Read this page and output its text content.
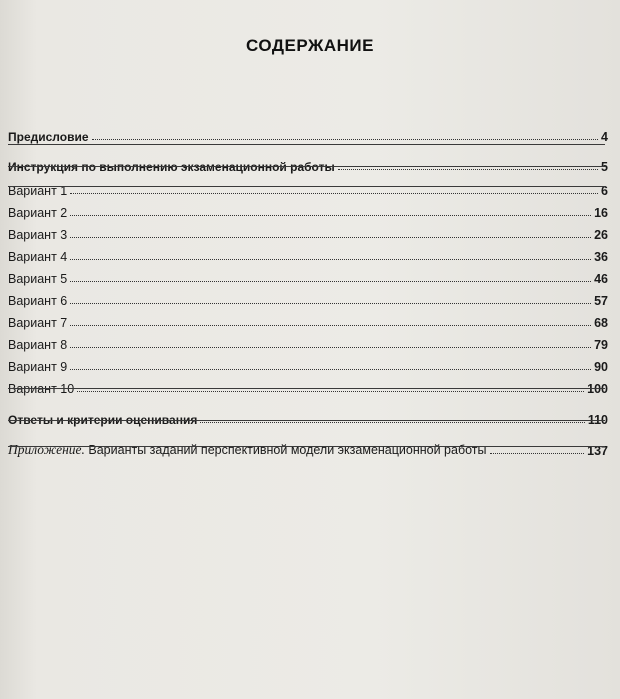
СОДЕРЖАНИЕ
Предисловие	4
Инструкция по выполнению экзаменационной работы	5
Вариант 1	6
Вариант 2	16
Вариант 3	26
Вариант 4	36
Вариант 5	46
Вариант 6	57
Вариант 7	68
Вариант 8	79
Вариант 9	90
Вариант 10	100
Ответы и критерии оценивания	110
Приложение. Варианты заданий перспективной модели экзаменационной работы	137
